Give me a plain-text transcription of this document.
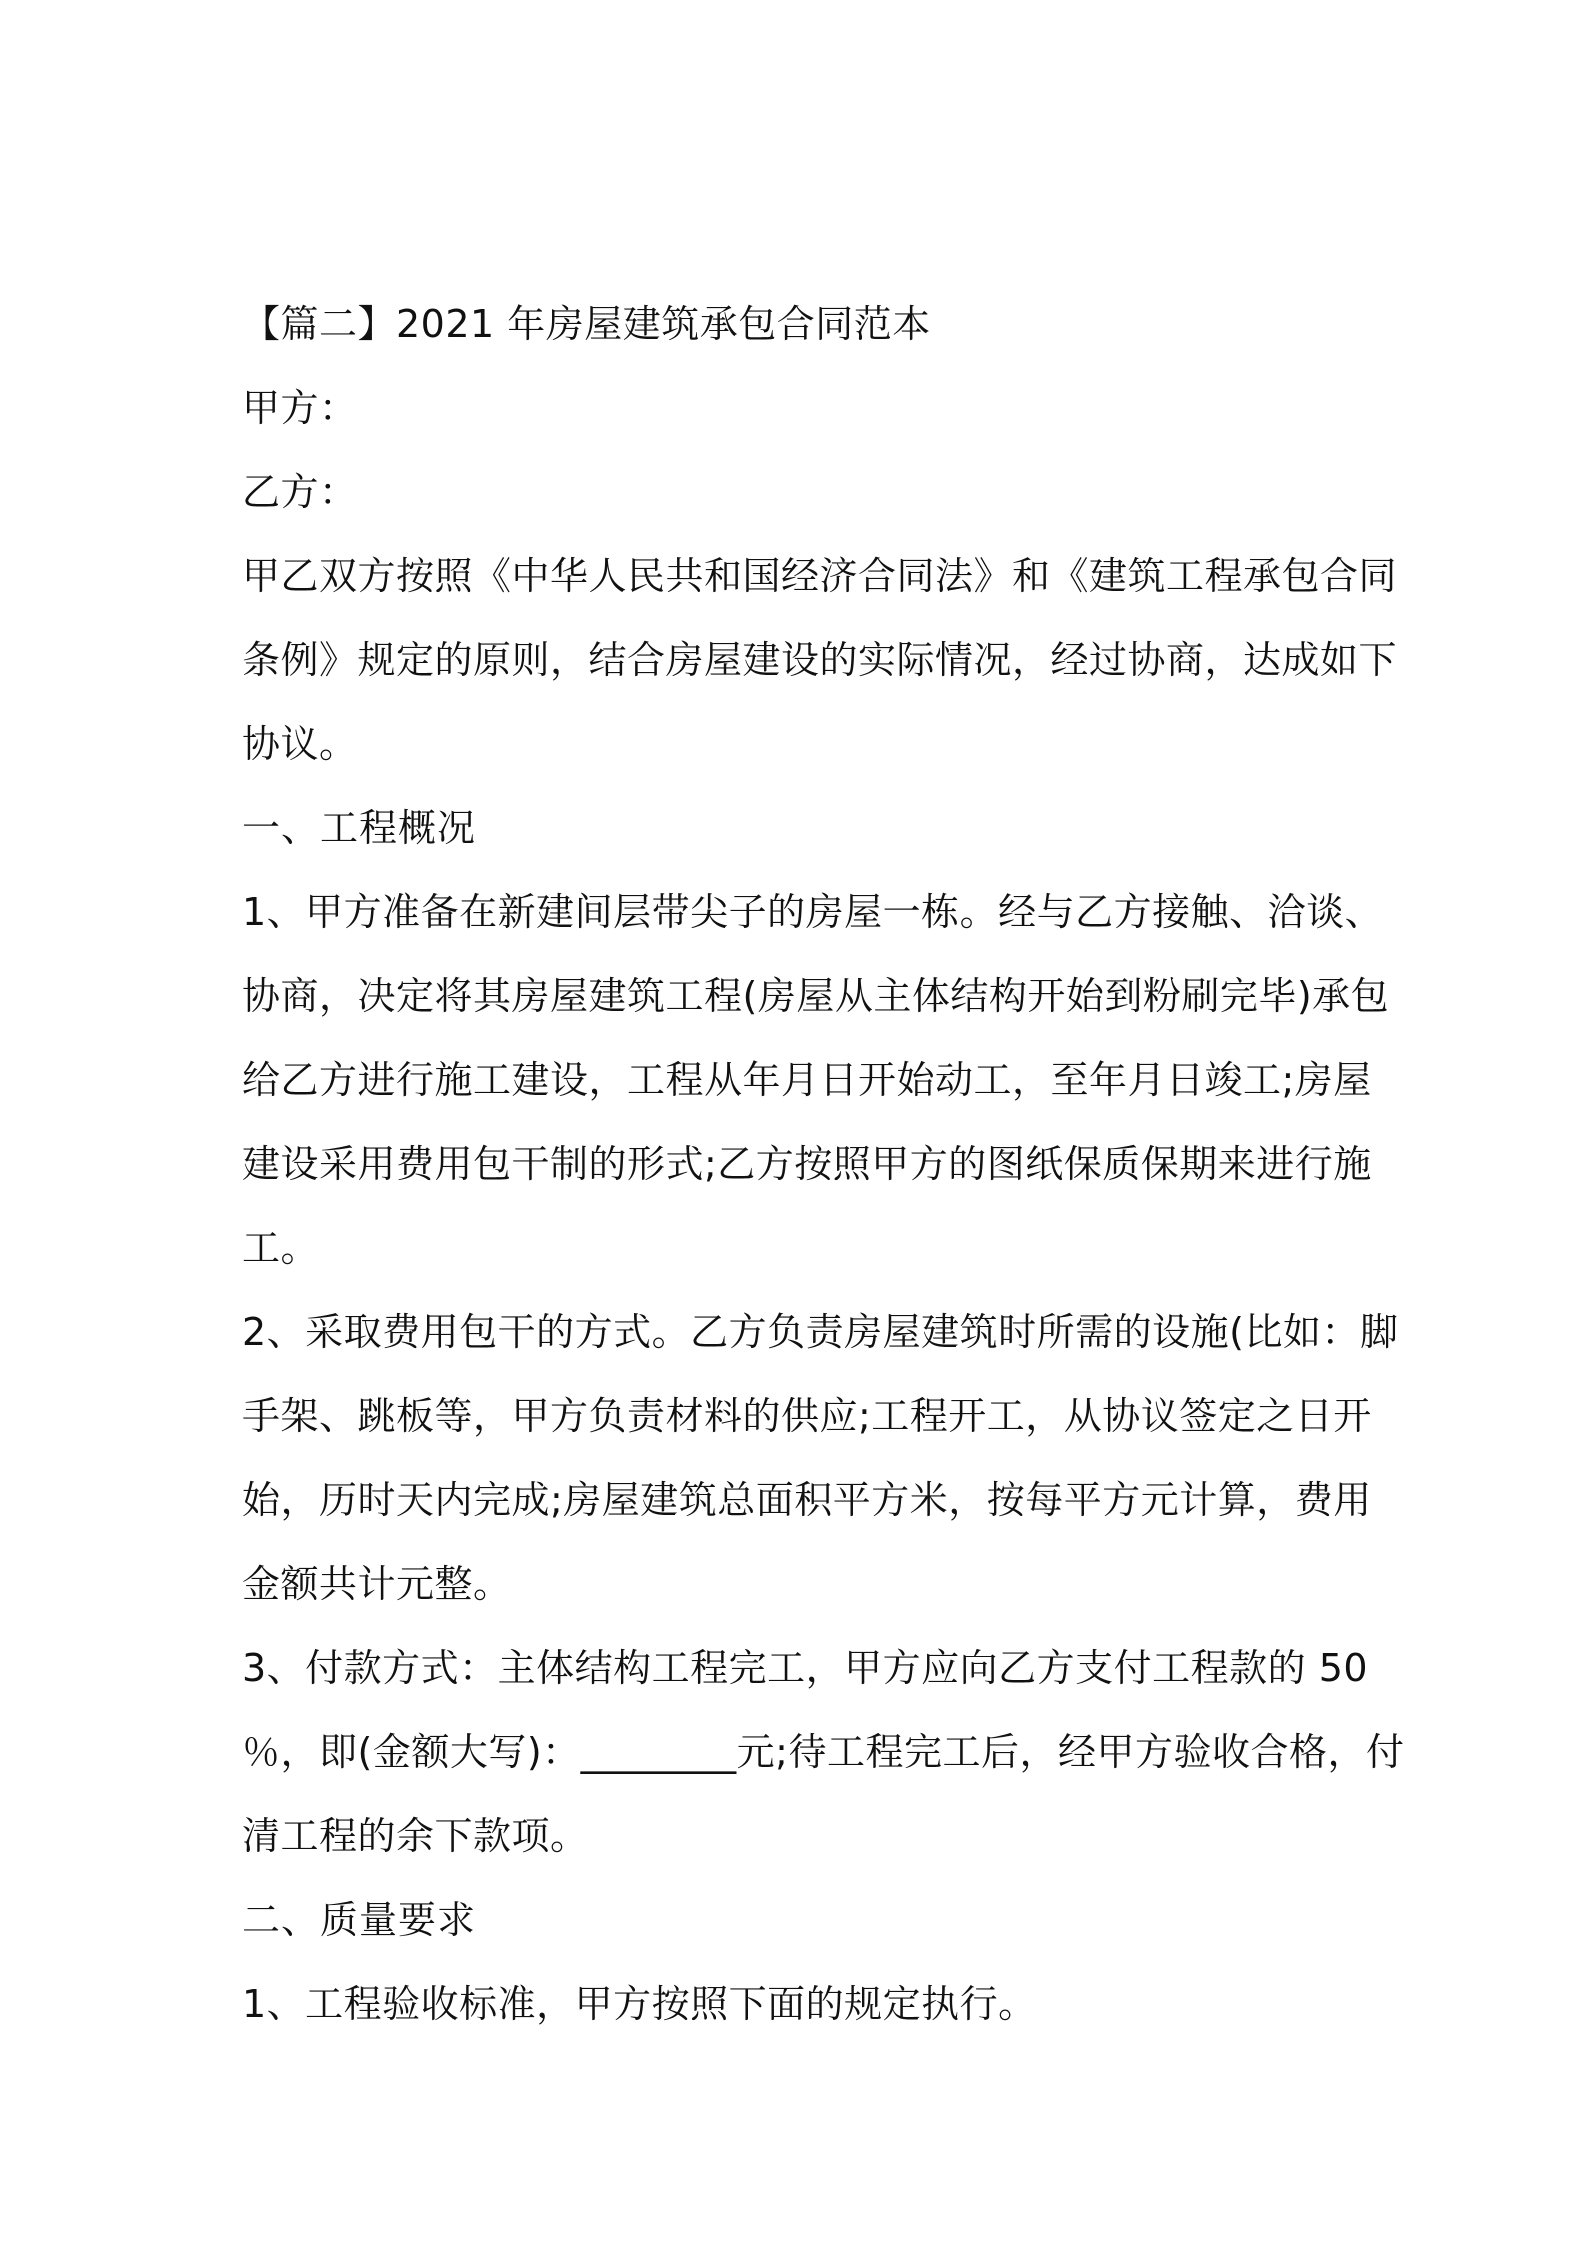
【篇二】2021 年房屋建筑承包合同范本
甲方：
乙方：
甲乙双方按照《中华人民共和国经济合同法》和《建筑工程承包合同
条例》规定的原则，结合房屋建设的实际情况，经过协商，达成如下
协议。
一、工程概况
1、甲方准备在新建间层带尖子的房屋一栋。经与乙方接触、洽谈、
协商，决定将其房屋建筑工程(房屋从主体结构开始到粉刷完毕)承包
给乙方进行施工建设，工程从年月日开始动工，至年月日竣工;房屋
建设采用费用包干制的形式;乙方按照甲方的图纸保质保期来进行施
工。
2、采取费用包干的方式。乙方负责房屋建筑时所需的设施(比如：脚
手架、跳板等，甲方负责材料的供应;工程开工，从协议签定之日开
始，历时天内完成;房屋建筑总面积平方米，按每平方元计算，费用
金额共计元整。
3、付款方式：主体结构工程完工，甲方应向乙方支付工程款的 50
％，即(金额大写)：________元;待工程完工后，经甲方验收合格，付
清工程的余下款项。
二、质量要求
1、工程验收标准，甲方按照下面的规定执行。
